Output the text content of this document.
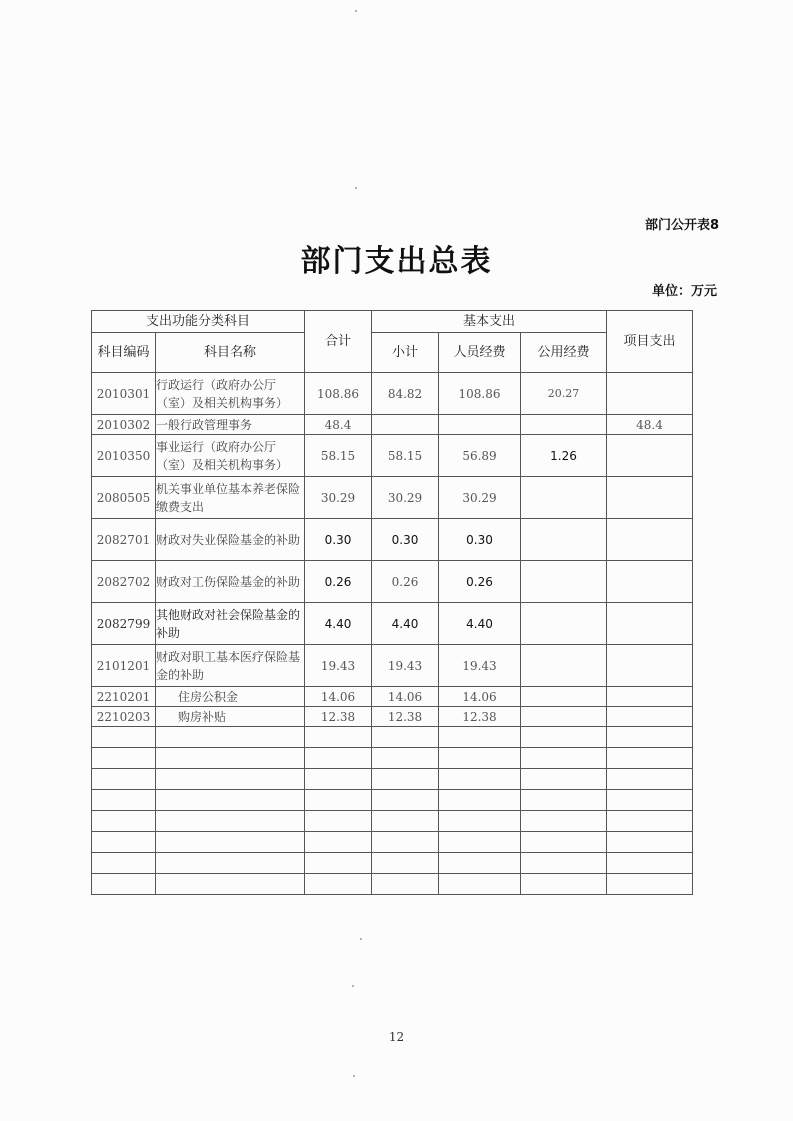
部门公开表8
部门支出总表
单位：万元
支出功能分类科目		合计	基本支出			项目支出
科目编码	科目名称		小计	人员经费	公用经费	
2010301	行政运行（政府办公厅（室）及相关机构事务）	108.86	84.82	108.86	20.27	
2010302	一般行政管理事务	48.4				48.4
2010350	事业运行（政府办公厅（室）及相关机构事务）	58.15	58.15	56.89	1.26	
2080505	机关事业单位基本养老保险缴费支出	30.29	30.29	30.29		
2082701	财政对失业保险基金的补助	0.30	0.30	0.30		
2082702	财政对工伤保险基金的补助	0.26	0.26	0.26		
2082799	其他财政对社会保险基金的补助	4.40	4.40	4.40		
2101201	财政对职工基本医疗保险基金的补助	19.43	19.43	19.43		
2210201	住房公积金	14.06	14.06	14.06		
2210203	购房补贴	12.38	12.38	12.38		

12
